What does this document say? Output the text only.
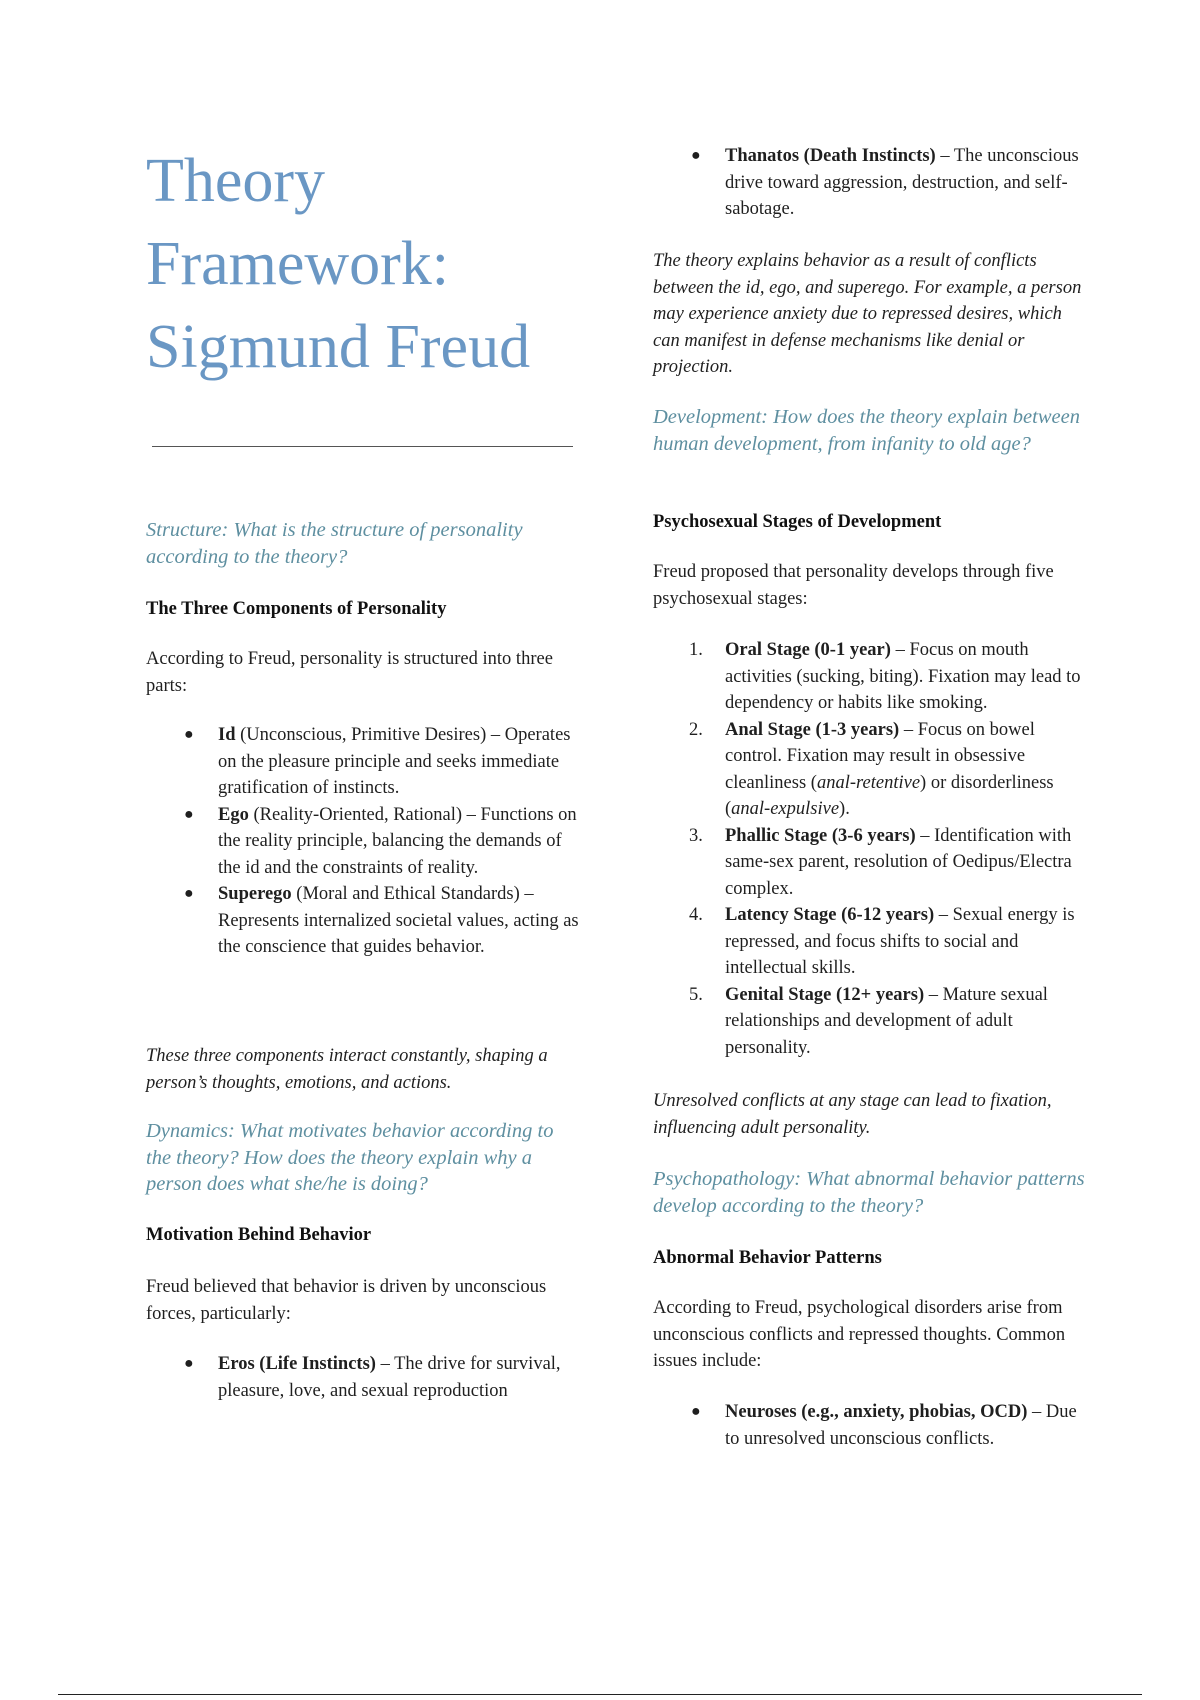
Theory
Framework:
Sigmund Freud

Structure: What is the structure of personality according to the theory?

The Three Components of Personality

According to Freud, personality is structured into three parts:

● Id (Unconscious, Primitive Desires) – Operates on the pleasure principle and seeks immediate gratification of instincts.
● Ego (Reality-Oriented, Rational) – Functions on the reality principle, balancing the demands of the id and the constraints of reality.
● Superego (Moral and Ethical Standards) – Represents internalized societal values, acting as the conscience that guides behavior.

These three components interact constantly, shaping a person’s thoughts, emotions, and actions.

Dynamics: What motivates behavior according to the theory? How does the theory explain why a person does what she/he is doing?

Motivation Behind Behavior

Freud believed that behavior is driven by unconscious forces, particularly:

● Eros (Life Instincts) – The drive for survival, pleasure, love, and sexual reproduction
● Thanatos (Death Instincts) – The unconscious drive toward aggression, destruction, and self-sabotage.

The theory explains behavior as a result of conflicts between the id, ego, and superego. For example, a person may experience anxiety due to repressed desires, which can manifest in defense mechanisms like denial or projection.

Development: How does the theory explain between human development, from infanity to old age?

Psychosexual Stages of Development

Freud proposed that personality develops through five psychosexual stages:

1. Oral Stage (0-1 year) – Focus on mouth activities (sucking, biting). Fixation may lead to dependency or habits like smoking.
2. Anal Stage (1-3 years) – Focus on bowel control. Fixation may result in obsessive cleanliness (anal-retentive) or disorderliness (anal-expulsive).
3. Phallic Stage (3-6 years) – Identification with same-sex parent, resolution of Oedipus/Electra complex.
4. Latency Stage (6-12 years) – Sexual energy is repressed, and focus shifts to social and intellectual skills.
5. Genital Stage (12+ years) – Mature sexual relationships and development of adult personality.

Unresolved conflicts at any stage can lead to fixation, influencing adult personality.

Psychopathology: What abnormal behavior patterns develop according to the theory?

Abnormal Behavior Patterns

According to Freud, psychological disorders arise from unconscious conflicts and repressed thoughts. Common issues include:

● Neuroses (e.g., anxiety, phobias, OCD) – Due to unresolved unconscious conflicts.
